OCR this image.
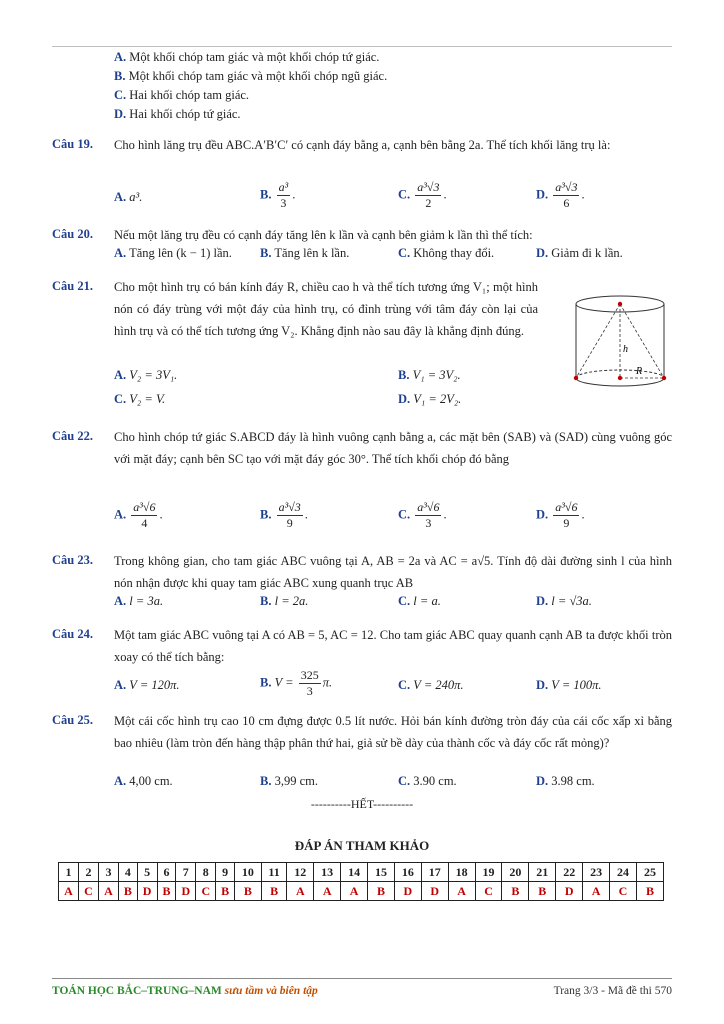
A. Một khối chóp tam giác và một khối chóp tứ giác.
B. Một khối chóp tam giác và một khối chóp ngũ giác.
C. Hai khối chóp tam giác.
D. Hai khối chóp tứ giác.
Câu 19. Cho hình lăng trụ đều ABC.A′B′C′ có cạnh đáy bằng a, cạnh bên bằng 2a. Thể tích khối lăng trụ là:
A. a³.	B. $\frac{\text{a³}}{3}$ .	C. $\frac{\text{a³√3}}{2}$ .	D. $\frac{\text{a³√3}}{6}$ .
Câu 20. Nếu một lăng trụ đều có cạnh đáy tăng lên k lần và cạnh bên giảm k lần thì thể tích:
A. Tăng lên (k − 1) lần. B. Tăng lên k lần.	C. Không thay đổi.	D. Giảm đi k lần.
Câu 21. Cho một hình trụ có bán kính đáy R, chiều cao h và thể tích tương ứng V₁; một hình nón có đáy trùng với một đáy của hình trụ, có đỉnh trùng với tâm đáy còn lại của hình trụ và có thể tích tương ứng V₂. Khẳng định nào sau đây là khẳng định đúng.
A. V₂ = 3V₁.	B. V₁ = 3V₂.
C. V₂ = V.	D. V₁ = 2V₂.
h
R
Câu 22. Cho hình chóp tứ giác S.ABCD đáy là hình vuông cạnh bằng a, các mặt bên (SAB) và (SAD) cùng vuông góc với mặt đáy; cạnh bên SC tạo với mặt đáy góc 30°. Thể tích khối chóp đó bằng
A. $\frac{\text{a³√6}}{4}$ .	B. $\frac{\text{a³√3}}{9}$ .	C. $\frac{\text{a³√6}}{3}$ .	D. $\frac{\text{a³√6}}{9}$ .
Câu 23. Trong không gian, cho tam giác ABC vuông tại A, AB = 2a và AC = a√5. Tính độ dài đường sinh l của hình nón nhận được khi quay tam giác ABC xung quanh trục AB
A. l = 3a.	B. l = 2a.	C. l = a.	D. l = √3a.
Câu 24. Một tam giác ABC vuông tại A có AB = 5, AC = 12. Cho tam giác ABC quay quanh cạnh AB ta được khối tròn xoay có thể tích bằng:
A. V = 120π.	B. $V = \frac{325}{3} \pi$.	C. V = 240π.	D. V = 100π.
Câu 25. Một cái cốc hình trụ cao 10 cm đựng được 0.5 lít nước. Hỏi bán kính đường tròn đáy của cái cốc xấp xỉ bằng bao nhiêu (làm tròn đến hàng thập phân thứ hai, giả sử bề dày của thành cốc và đáy cốc rất mỏng)?
A. 4,00 cm.	B. 3,99 cm.	C. 3.90 cm.	D. 3.98 cm.
----------HẾT----------
ĐÁP ÁN THAM KHẢO
1	2	3	4	5	6	7	8	9	10	11	12	13	14	15	16	17	18	19	20	21	22	23	24	25
A	C	A	B	D	B	D	C	B	B	B	A	A	A	B	D	D	A	C	B	B	D	A	C	B
TOÁN HỌC BẮC–TRUNG–NAM sưu tầm và biên tập	Trang 3/3 - Mã đề thi 570
